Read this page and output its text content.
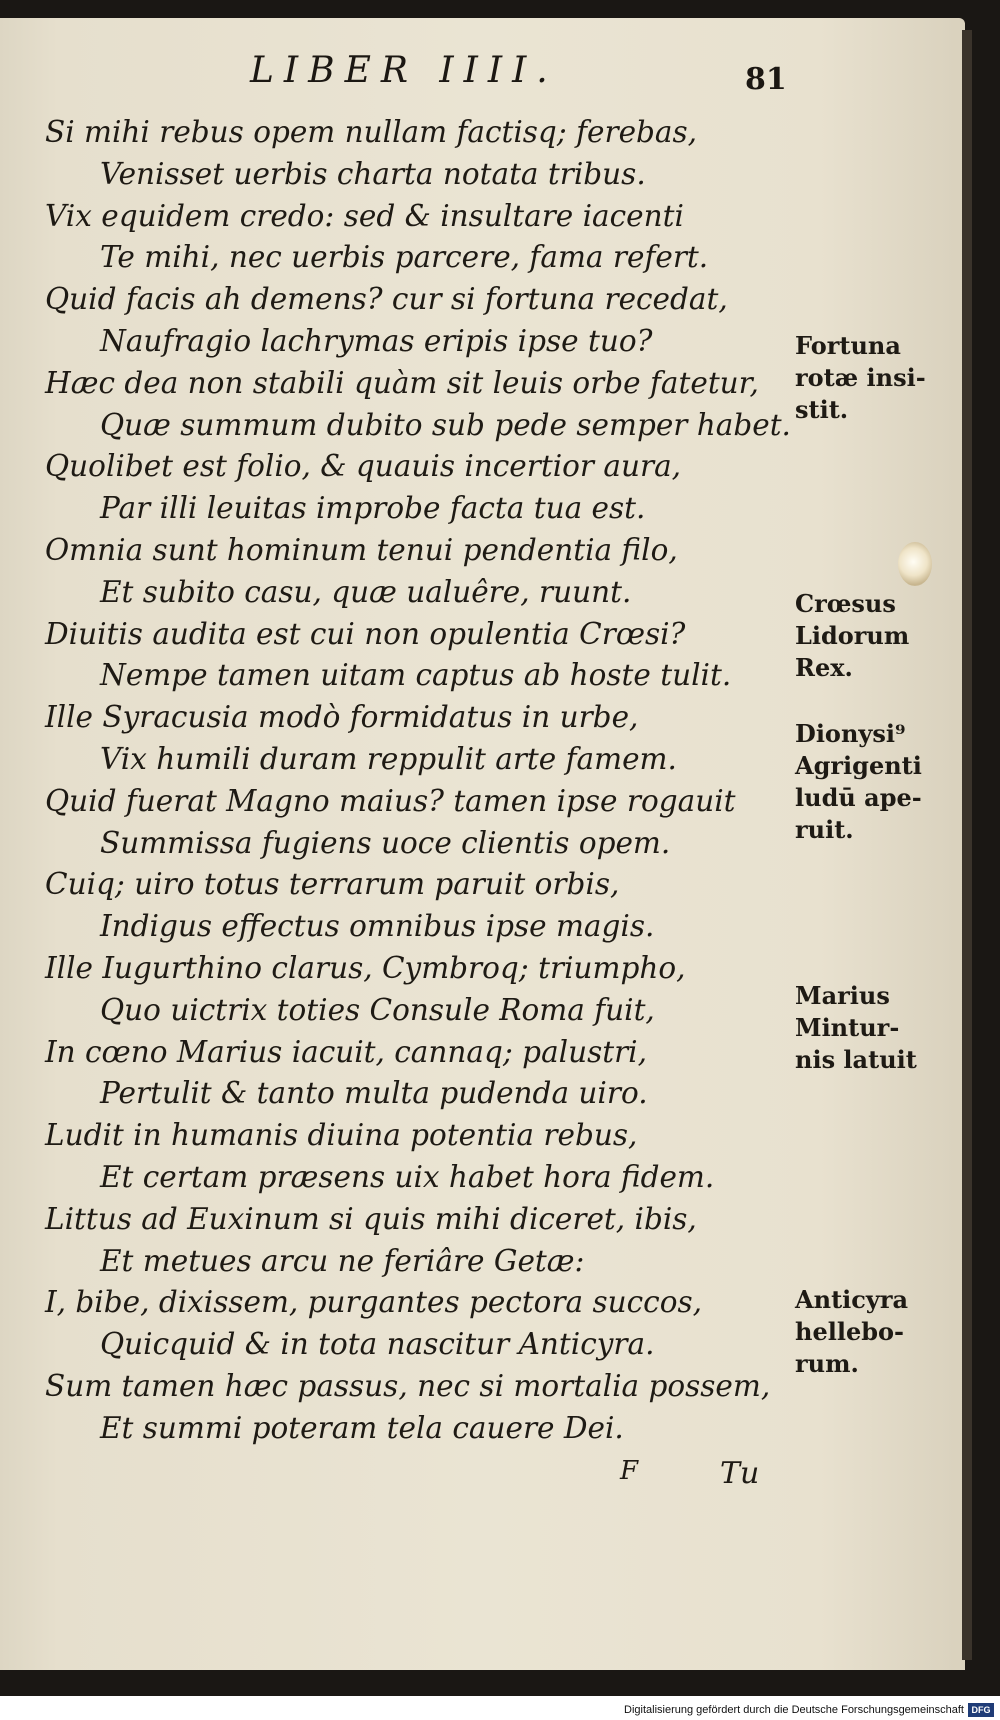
LIBER IIII.	81
Si mihi rebus opem nullam factisq; ferebas,
Venisset uerbis charta notata tribus.
Vix equidem credo: sed & insultare iacenti
Te mihi, nec uerbis parcere, fama refert.
Quid facis ah demens? cur si fortuna recedat,
Naufragio lachrymas eripis ipse tuo?
Hæc dea non stabili quàm sit leuis orbe fatetur,
Quæ summum dubito sub pede semper habet.
Quolibet est folio, & quauis incertior aura,
Par illi leuitas improbe facta tua est.
Omnia sunt hominum tenui pendentia filo,
Et subito casu, quæ ualuêre, ruunt.
Diuitis audita est cui non opulentia Crœsi?
Nempe tamen uitam captus ab hoste tulit.
Ille Syracusia modò formidatus in urbe,
Vix humili duram reppulit arte famem.
Quid fuerat Magno maius? tamen ipse rogauit
Summissa fugiens uoce clientis opem.
Cuiq; uiro totus terrarum paruit orbis,
Indigus effectus omnibus ipse magis.
Ille Iugurthino clarus, Cymbroq; triumpho,
Quo uictrix toties Consule Roma fuit,
In cœno Marius iacuit, cannaq; palustri,
Pertulit & tanto multa pudenda uiro.
Ludit in humanis diuina potentia rebus,
Et certam præsens uix habet hora fidem.
Littus ad Euxinum si quis mihi diceret, ibis,
Et metues arcu ne feriâre Getæ:
I, bibe, dixissem, purgantes pectora succos,
Quicquid & in tota nascitur Anticyra.
Sum tamen hæc passus, nec si mortalia possem,
Et summi poteram tela cauere Dei.
Fortuna
rotæ insi-
stit.
Crœsus
Lidorum
Rex.
Dionysi⁹
Agrigenti
ludū ape-
ruit.
Marius
Mintur-
nis latuit
Anticyra
hellebo-
rum.
F	Tu
Digitalisierung gefördert durch die Deutsche Forschungsgemeinschaft DFG
